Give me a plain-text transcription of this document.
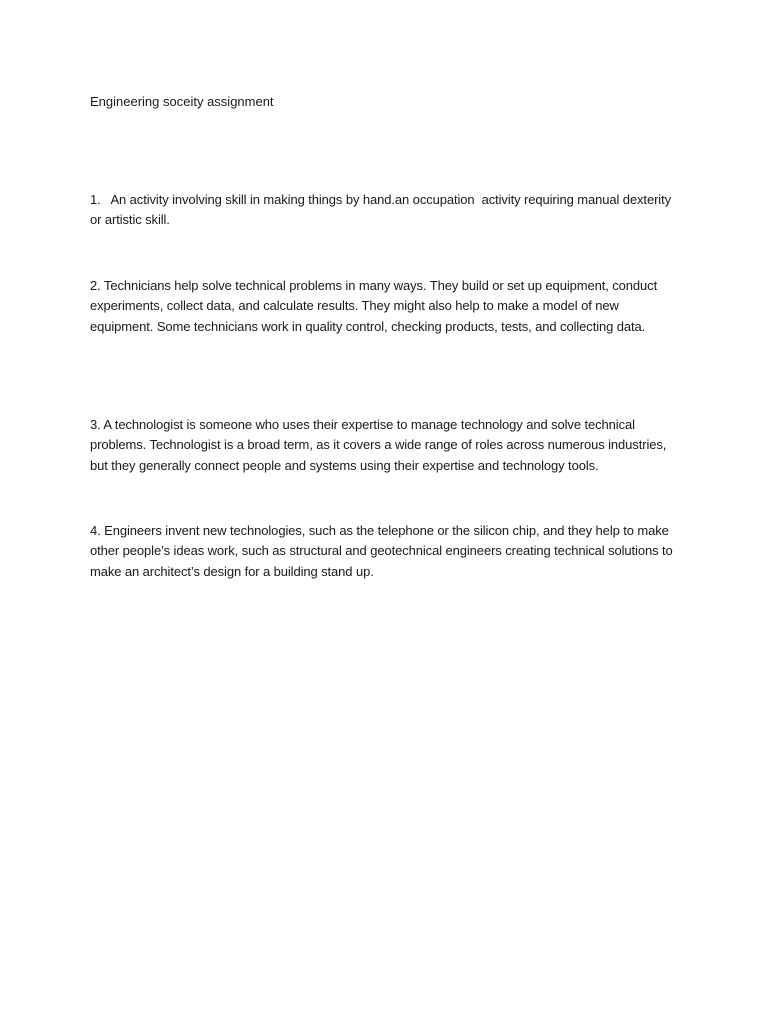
Engineering soceity assignment

1.   An activity involving skill in making things by hand.an occupation  activity requiring manual dexterity or artistic skill.

2. Technicians help solve technical problems in many ways. They build or set up equipment, conduct experiments, collect data, and calculate results. They might also help to make a model of new equipment. Some technicians work in quality control, checking products, tests, and collecting data.

3. A technologist is someone who uses their expertise to manage technology and solve technical problems. Technologist is a broad term, as it covers a wide range of roles across numerous industries, but they generally connect people and systems using their expertise and technology tools.

4. Engineers invent new technologies, such as the telephone or the silicon chip, and they help to make other people’s ideas work, such as structural and geotechnical engineers creating technical solutions to make an architect’s design for a building stand up.
